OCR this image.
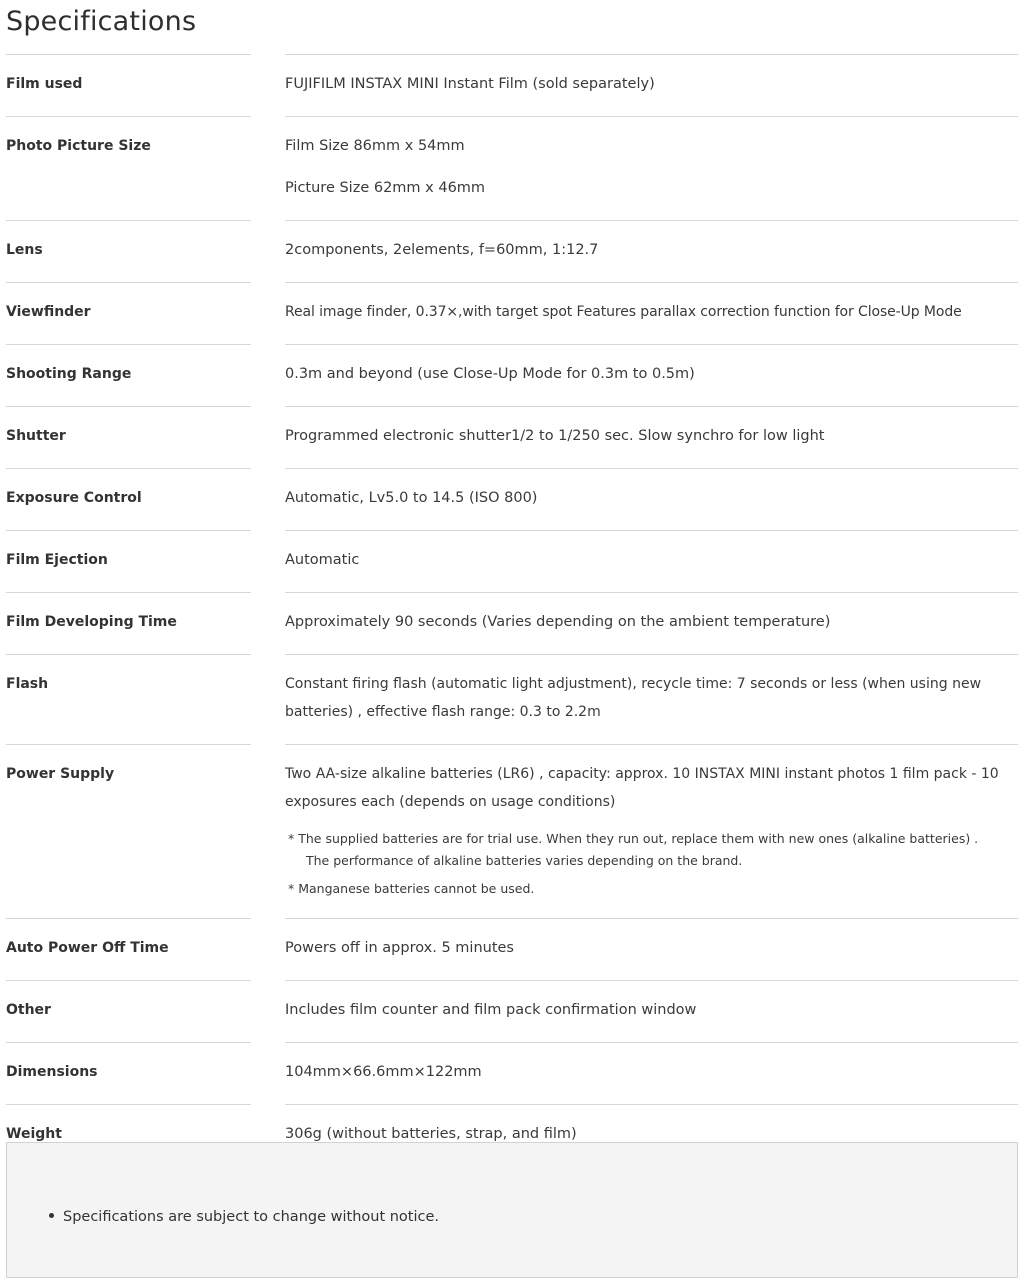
Specifications
Film used	FUJIFILM INSTAX MINI Instant Film (sold separately)
Photo Picture Size	Film Size 86mm x 54mm
Picture Size 62mm x 46mm
Lens	2components, 2elements, f=60mm, 1:12.7
Viewfinder	Real image finder, 0.37×,with target spot Features parallax correction function for Close-Up Mode
Shooting Range	0.3m and beyond (use Close-Up Mode for 0.3m to 0.5m)
Shutter	Programmed electronic shutter1/2 to 1/250 sec. Slow synchro for low light
Exposure Control	Automatic, Lv5.0 to 14.5 (ISO 800)
Film Ejection	Automatic
Film Developing Time	Approximately 90 seconds (Varies depending on the ambient temperature)
Flash	Constant firing flash (automatic light adjustment), recycle time: 7 seconds or less (when using new batteries) , effective flash range: 0.3 to 2.2m
Power Supply	Two AA-size alkaline batteries (LR6) , capacity: approx. 10 INSTAX MINI instant photos 1 film pack - 10 exposures each (depends on usage conditions)
* The supplied batteries are for trial use. When they run out, replace them with new ones (alkaline batteries) .
The performance of alkaline batteries varies depending on the brand.
* Manganese batteries cannot be used.
Auto Power Off Time	Powers off in approx. 5 minutes
Other	Includes film counter and film pack confirmation window
Dimensions	104mm×66.6mm×122mm
Weight	306g (without batteries, strap, and film)
Specifications are subject to change without notice.
